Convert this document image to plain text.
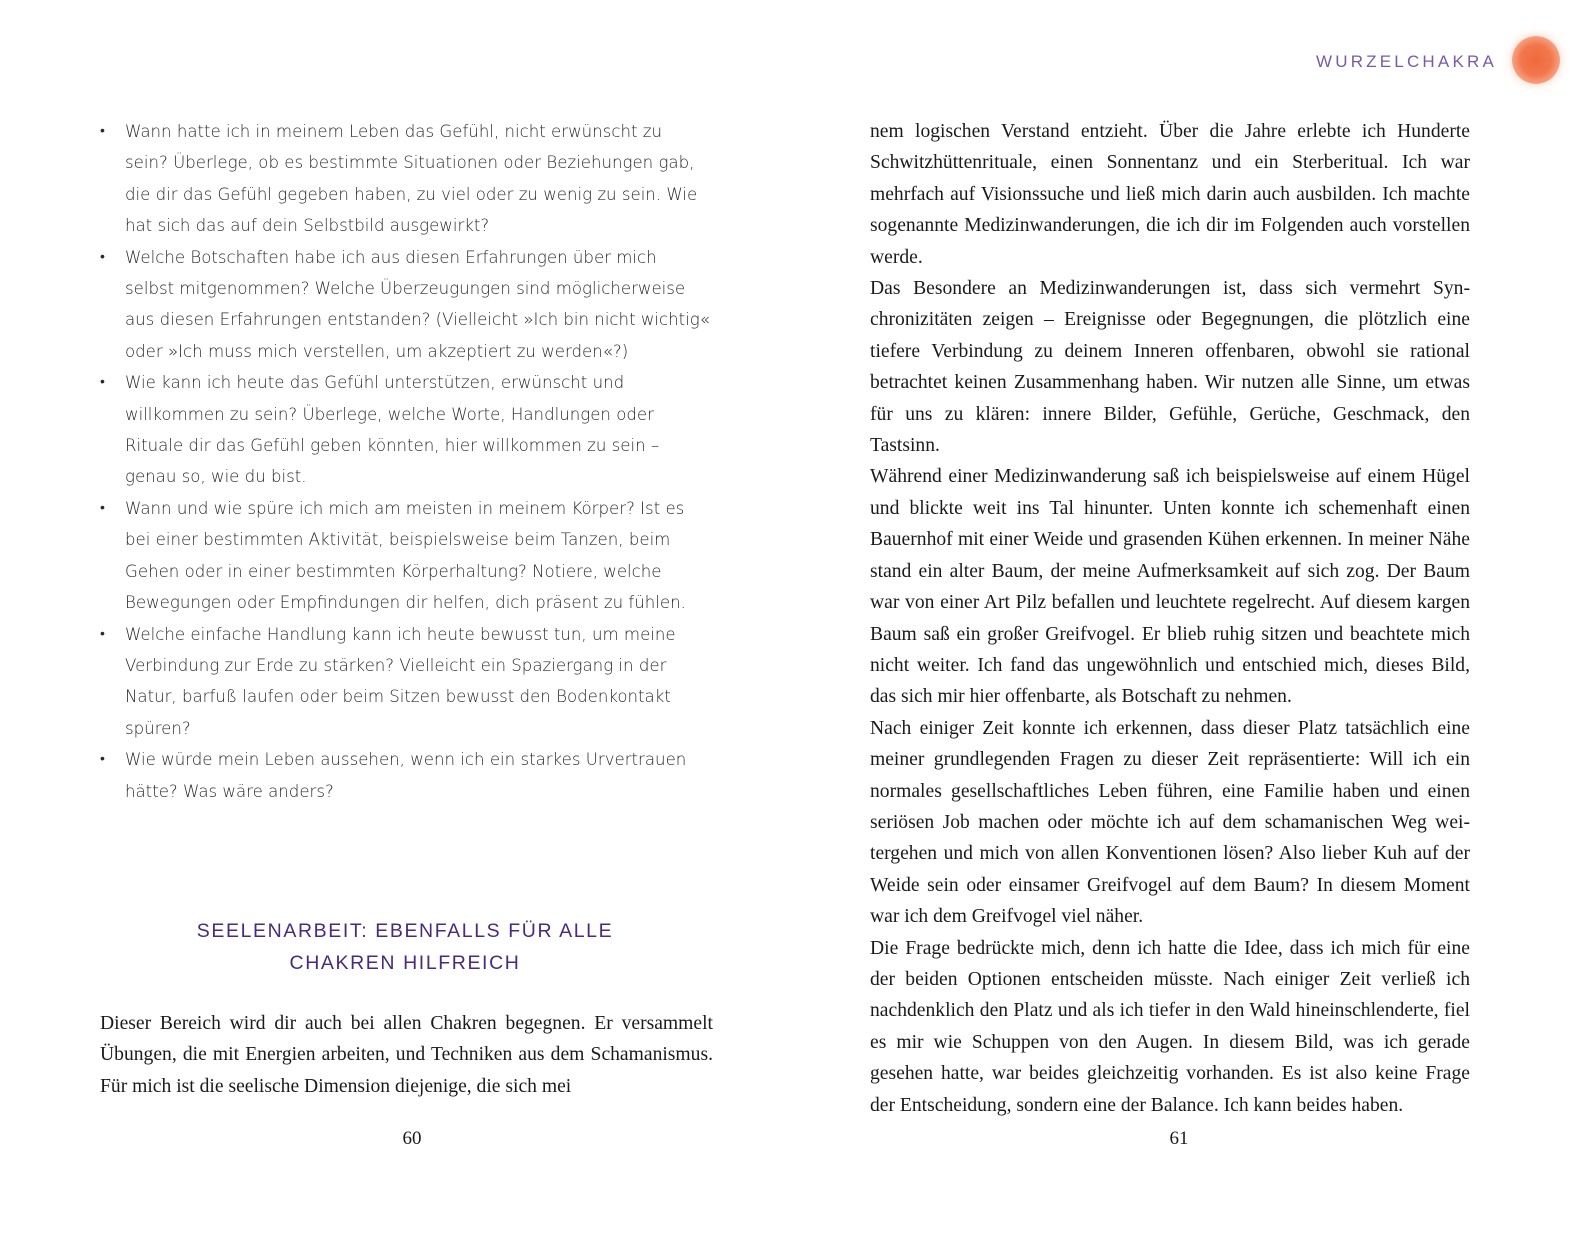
• Wann hatte ich in meinem Leben das Gefühl, nicht erwünscht zu sein? Überlege, ob es bestimmte Situationen oder Beziehungen gab, die dir das Gefühl gegeben haben, zu viel oder zu wenig zu sein. Wie hat sich das auf dein Selbstbild ausgewirkt?
• Welche Botschaften habe ich aus diesen Erfahrungen über mich selbst mitgenommen? Welche Überzeugungen sind möglicherweise aus diesen Erfahrungen entstanden? (Vielleicht »Ich bin nicht wichtig« oder »Ich muss mich verstellen, um akzeptiert zu werden«?)
• Wie kann ich heute das Gefühl unterstützen, erwünscht und willkommen zu sein? Überlege, welche Worte, Handlungen oder Rituale dir das Gefühl geben könnten, hier willkommen zu sein – genau so, wie du bist.
• Wann und wie spüre ich mich am meisten in meinem Körper? Ist es bei einer bestimmten Aktivität, beispielsweise beim Tanzen, beim Gehen oder in einer bestimmten Körperhaltung? Notiere, welche Bewegungen oder Empfindungen dir helfen, dich präsent zu fühlen.
• Welche einfache Handlung kann ich heute bewusst tun, um meine Verbindung zur Erde zu stärken? Vielleicht ein Spaziergang in der Natur, barfuß laufen oder beim Sitzen bewusst den Bodenkontakt spüren?
• Wie würde mein Leben aussehen, wenn ich ein starkes Urvertrauen hätte? Was wäre anders?
SEELENARBEIT: EBENFALLS FÜR ALLE
CHAKREN HILFREICH

Dieser Bereich wird dir auch bei allen Chakren begegnen. Er versammelt Übungen, die mit Energien arbeiten, und Techniken aus dem Schamanismus. Für mich ist die seelische Dimension diejenige, die sich mei

60
WURZELCHAKRA

nem logischen Verstand entzieht. Über die Jahre erlebte ich Hunderte Schwitzhüttenrituale, einen Sonnentanz und ein Sterberitual. Ich war mehrfach auf Visionssuche und ließ mich darin auch ausbilden. Ich machte sogenannte Medizinwanderungen, die ich dir im Folgenden auch vorstellen werde.

Das Besondere an Medizinwanderungen ist, dass sich vermehrt Synchronizitäten zeigen – Ereignisse oder Begegnungen, die plötzlich eine tiefere Verbindung zu deinem Inneren offenbaren, obwohl sie rational betrachtet keinen Zusammenhang haben. Wir nutzen alle Sinne, um etwas für uns zu klären: innere Bilder, Gefühle, Gerüche, Geschmack, den Tastsinn.

Während einer Medizinwanderung saß ich beispielsweise auf einem Hügel und blickte weit ins Tal hinunter. Unten konnte ich schemenhaft einen Bauernhof mit einer Weide und grasenden Kühen erkennen. In meiner Nähe stand ein alter Baum, der meine Aufmerksamkeit auf sich zog. Der Baum war von einer Art Pilz befallen und leuchtete regelrecht. Auf diesem kargen Baum saß ein großer Greifvogel. Er blieb ruhig sitzen und beachtete mich nicht weiter. Ich fand das ungewöhnlich und entschied mich, dieses Bild, das sich mir hier offenbarte, als Botschaft zu nehmen.

Nach einiger Zeit konnte ich erkennen, dass dieser Platz tatsächlich eine meiner grundlegenden Fragen zu dieser Zeit repräsentierte: Will ich ein normales gesellschaftliches Leben führen, eine Familie haben und einen seriösen Job machen oder möchte ich auf dem schamanischen Weg weitergehen und mich von allen Konventionen lösen? Also lieber Kuh auf der Weide sein oder einsamer Greifvogel auf dem Baum? In diesem Moment war ich dem Greifvogel viel näher.

Die Frage bedrückte mich, denn ich hatte die Idee, dass ich mich für eine der beiden Optionen entscheiden müsste. Nach einiger Zeit verließ ich nachdenklich den Platz und als ich tiefer in den Wald hineinschlenderte, fiel es mir wie Schuppen von den Augen. In diesem Bild, was ich gerade gesehen hatte, war beides gleichzeitig vorhanden. Es ist also keine Frage der Entscheidung, sondern eine der Balance. Ich kann beides haben.

61
